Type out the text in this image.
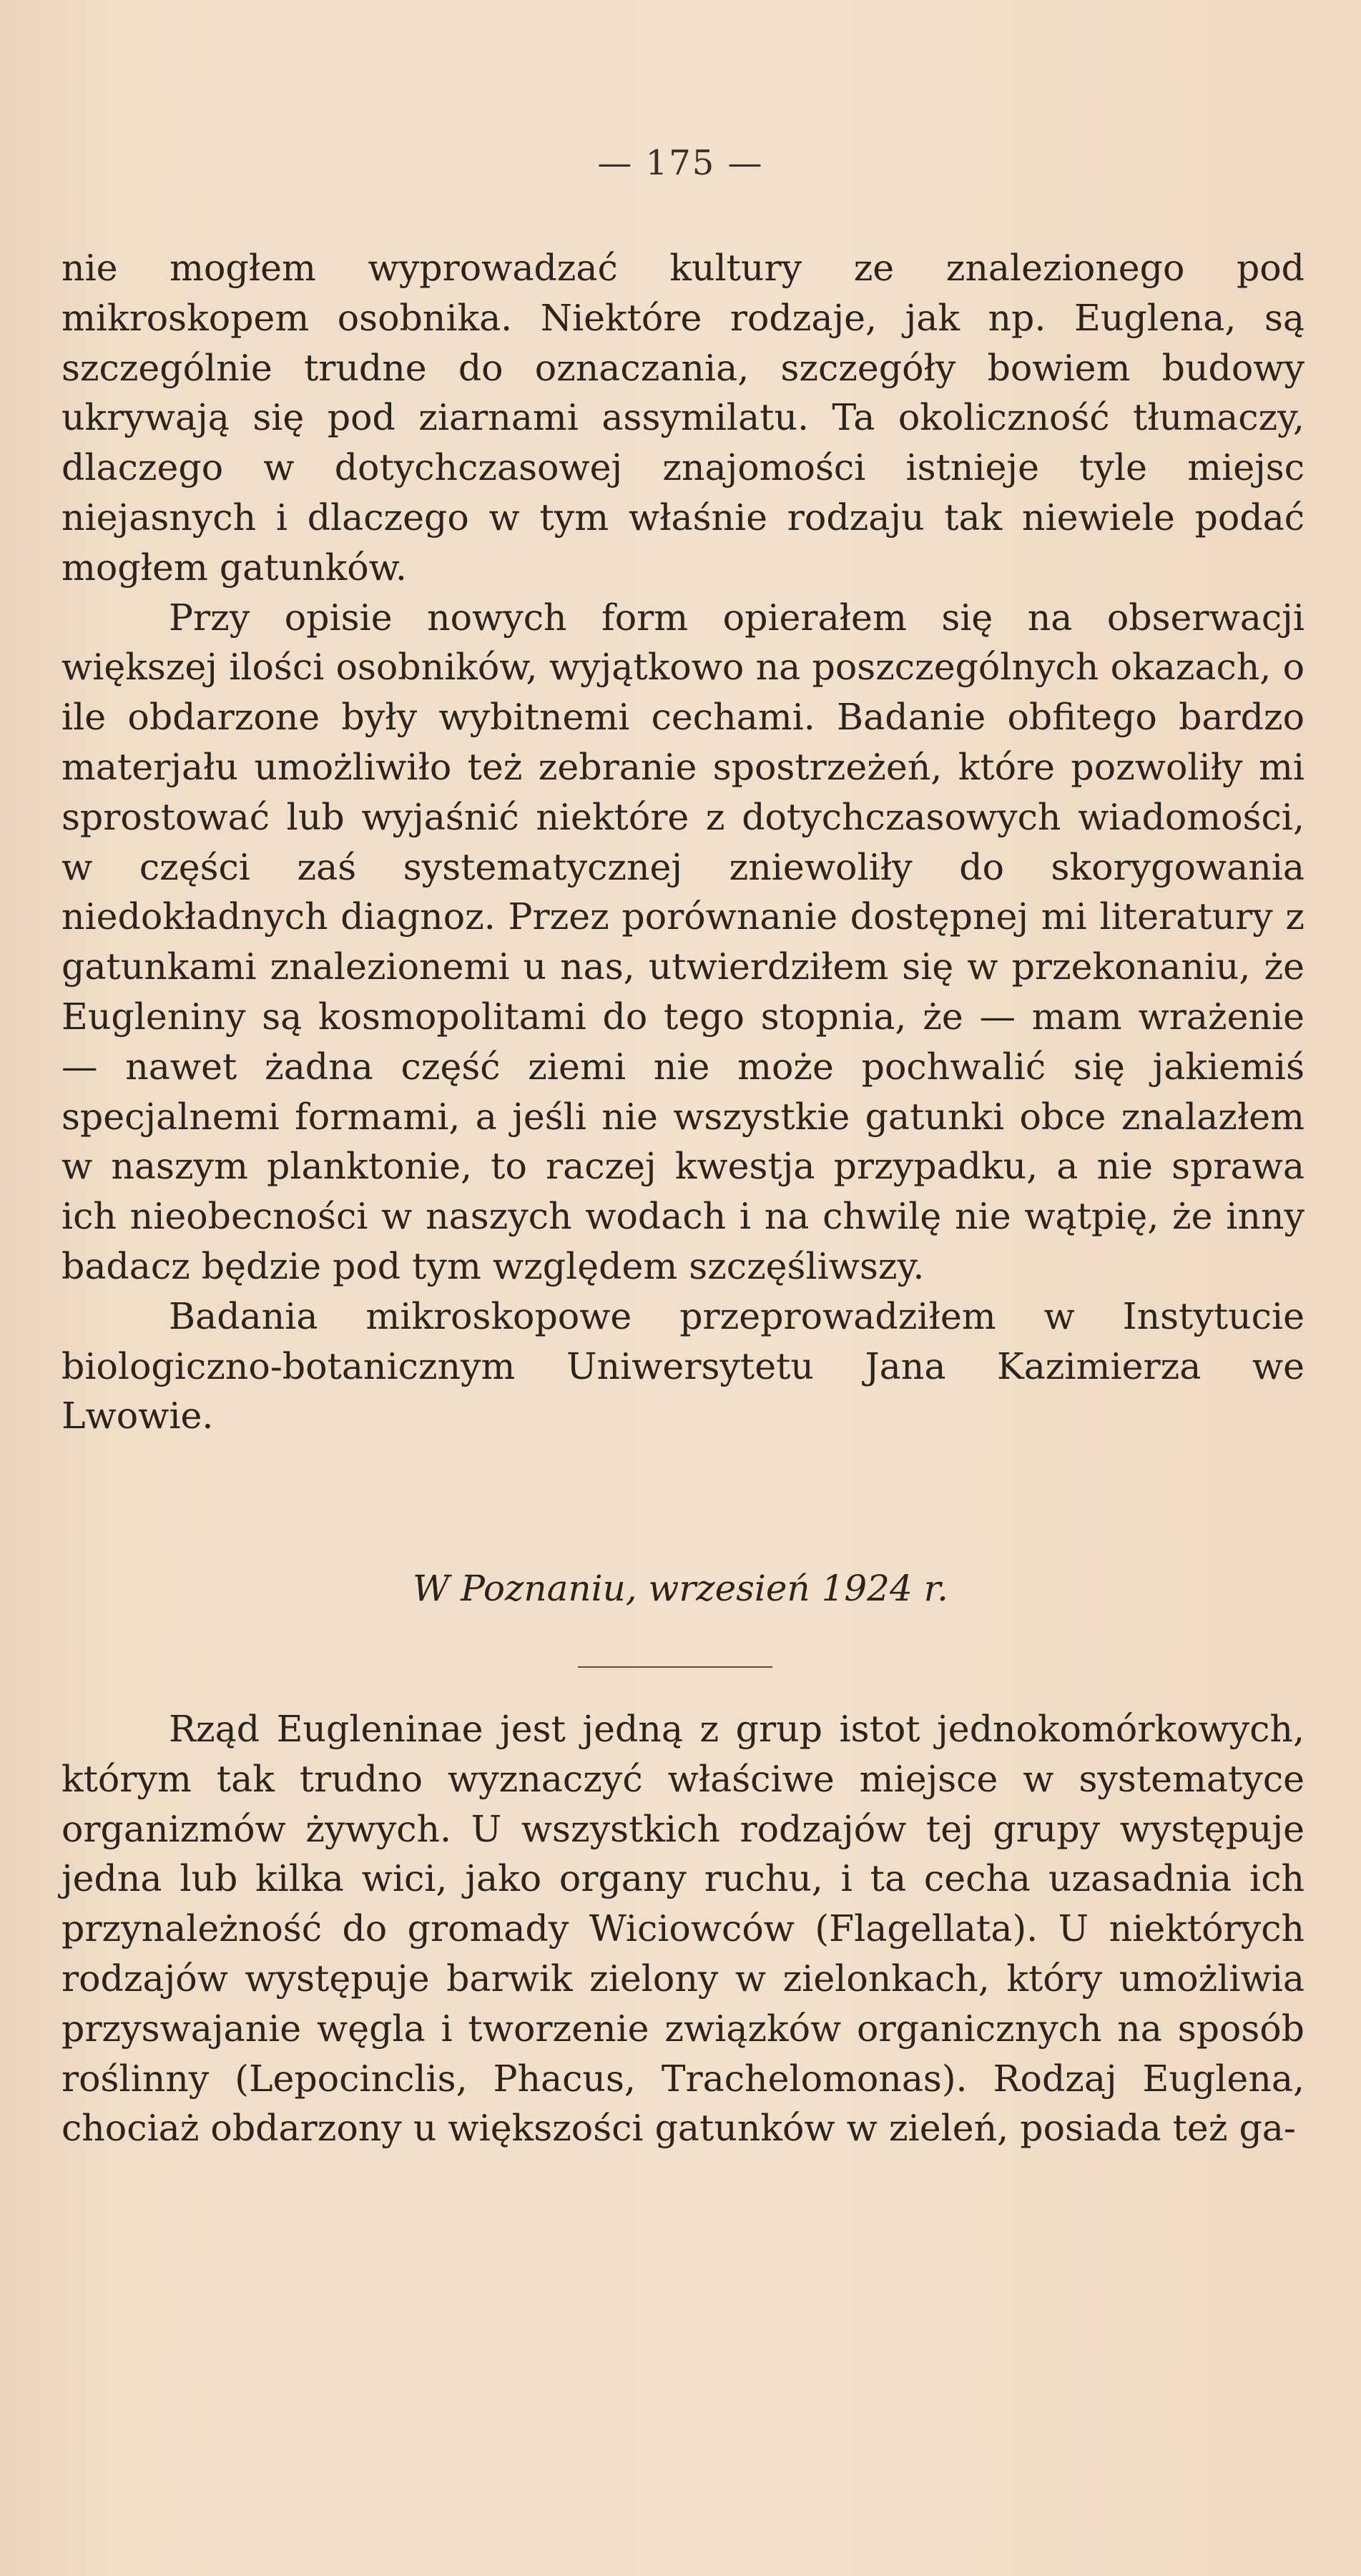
— 175 —

nie mogłem wyprowadzać kultury ze znalezionego pod mikroskopem osobnika. Niektóre rodzaje, jak np. Euglena, są szczególnie trudne do oznaczania, szczegóły bowiem budowy ukrywają się pod ziarnami assymilatu. Ta okoliczność tłumaczy, dlaczego w dotychczasowej znajomości istnieje tyle miejsc niejasnych i dlaczego w tym właśnie rodzaju tak niewiele podać mogłem gatunków.

Przy opisie nowych form opierałem się na obserwacji większej ilości osobników, wyjątkowo na poszczególnych okazach, o ile obdarzone były wybitnemi cechami. Badanie obfitego bardzo materjału umożliwiło też zebranie spostrzeżeń, które pozwoliły mi sprostować lub wyjaśnić niektóre z dotychczasowych wiadomości, w części zaś systematycznej zniewoliły do skorygowania niedokładnych diagnoz. Przez porównanie dostępnej mi literatury z gatunkami znalezionemi u nas, utwierdziłem się w przekonaniu, że Eugleniny są kosmopolitami do tego stopnia, że — mam wrażenie — nawet żadna część ziemi nie może pochwalić się jakiemiś specjalnemi formami, a jeśli nie wszystkie gatunki obce znalazłem w naszym planktonie, to raczej kwestja przypadku, a nie sprawa ich nieobecności w naszych wodach i na chwilę nie wątpię, że inny badacz będzie pod tym względem szczęśliwszy.

Badania mikroskopowe przeprowadziłem w Instytucie biologiczno-botanicznym Uniwersytetu Jana Kazimierza we Lwowie.

W Poznaniu, wrzesień 1924 r.

Rząd Eugleninae jest jedną z grup istot jednokomórkowych, którym tak trudno wyznaczyć właściwe miejsce w systematyce organizmów żywych. U wszystkich rodzajów tej grupy występuje jedna lub kilka wici, jako organy ruchu, i ta cecha uzasadnia ich przynależność do gromady Wiciowców (Flagellata). U niektórych rodzajów występuje barwik zielony w zielonkach, który umożliwia przyswajanie węgla i tworzenie związków organicznych na sposób roślinny (Lepocinclis, Phacus, Trachelomonas). Rodzaj Euglena, chociaż obdarzony u większości gatunków w zieleń, posiada też ga-
